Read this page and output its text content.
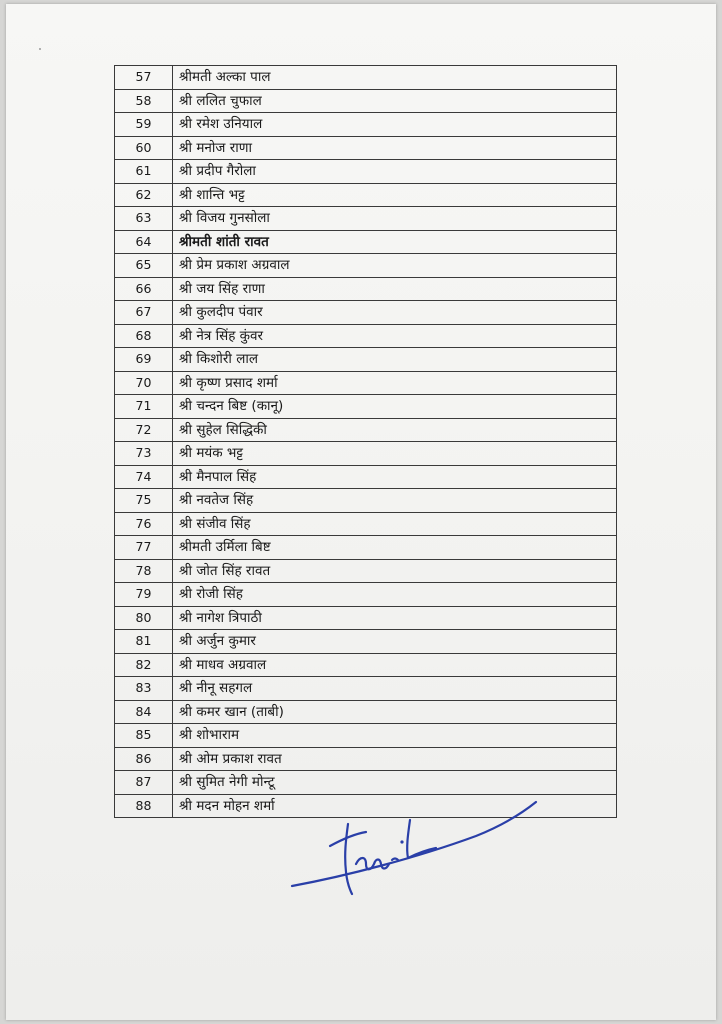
57	श्रीमती अल्का पाल
58	श्री ललित चुफाल
59	श्री रमेश उनियाल
60	श्री मनोज राणा
61	श्री प्रदीप गैरोला
62	श्री शान्ति भट्ट
63	श्री विजय गुनसोला
64	श्रीमती शांती रावत
65	श्री प्रेम प्रकाश अग्रवाल
66	श्री जय सिंह राणा
67	श्री कुलदीप पंवार
68	श्री नेत्र सिंह कुंवर
69	श्री किशोरी लाल
70	श्री कृष्ण प्रसाद शर्मा
71	श्री चन्दन बिष्ट (कानू)
72	श्री सुहेल सिद्धिकी
73	श्री मयंक भट्ट
74	श्री मैनपाल सिंह
75	श्री नवतेज सिंह
76	श्री संजीव सिंह
77	श्रीमती उर्मिला बिष्ट
78	श्री जोत सिंह रावत
79	श्री रोजी सिंह
80	श्री नागेश त्रिपाठी
81	श्री अर्जुन कुमार
82	श्री माधव अग्रवाल
83	श्री नीनू सहगल
84	श्री कमर खान (ताबी)
85	श्री शोभाराम
86	श्री ओम प्रकाश रावत
87	श्री सुमित नेगी मोन्टू
88	श्री मदन मोहन शर्मा
